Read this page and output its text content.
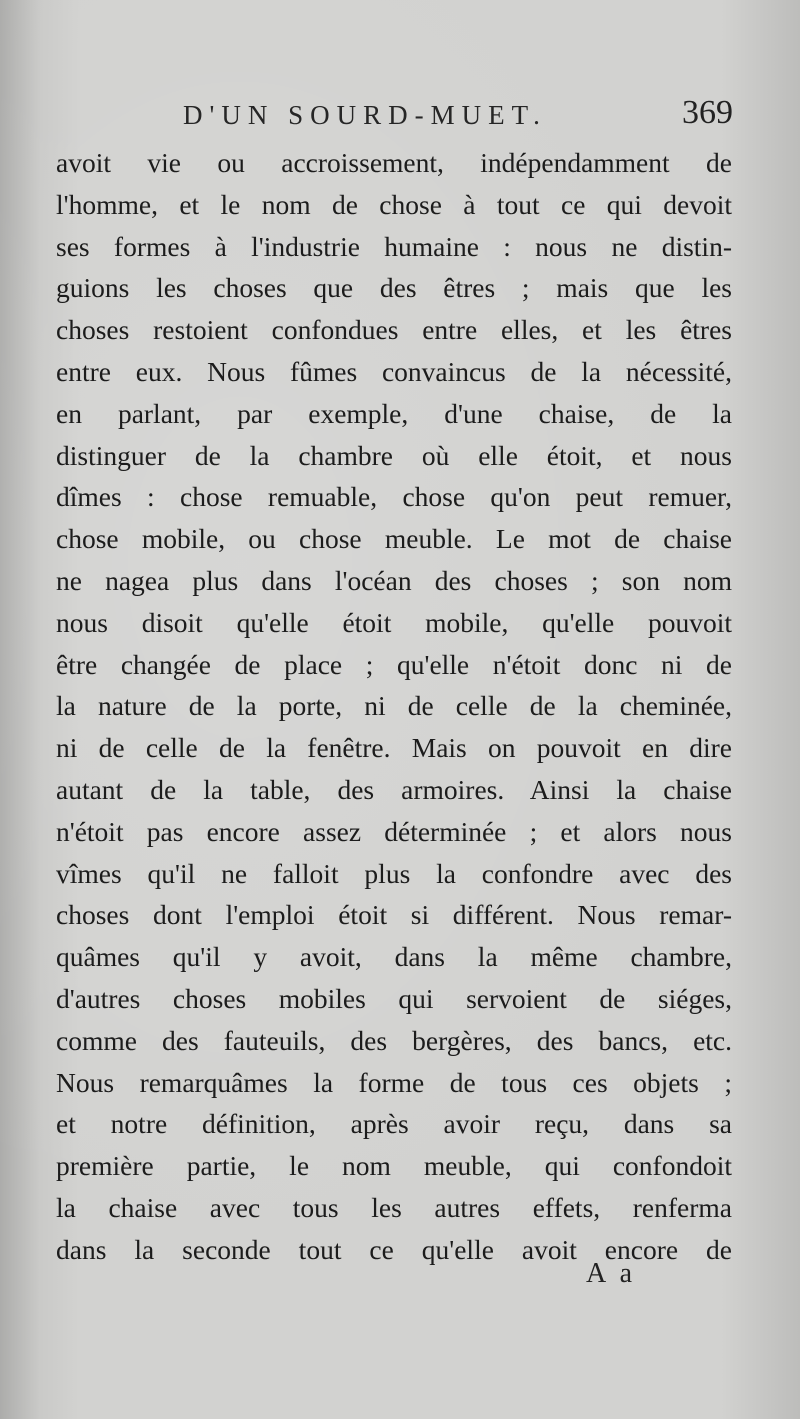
D'UN SOURD-MUET.	369
avoit vie ou accroissement, indépendamment de
l'homme, et le nom de chose à tout ce qui devoit
ses formes à l'industrie humaine : nous ne distin-
guions les choses que des êtres ; mais que les
choses restoient confondues entre elles, et les êtres
entre eux. Nous fûmes convaincus de la nécessité,
en parlant, par exemple, d'une chaise, de la
distinguer de la chambre où elle étoit, et nous
dîmes : chose remuable, chose qu'on peut remuer,
chose mobile, ou chose meuble. Le mot de chaise
ne nagea plus dans l'océan des choses ; son nom
nous disoit qu'elle étoit mobile, qu'elle pouvoit
être changée de place ; qu'elle n'étoit donc ni de
la nature de la porte, ni de celle de la cheminée,
ni de celle de la fenêtre. Mais on pouvoit en dire
autant de la table, des armoires. Ainsi la chaise
n'étoit pas encore assez déterminée ; et alors nous
vîmes qu'il ne falloit plus la confondre avec des
choses dont l'emploi étoit si différent. Nous remar-
quâmes qu'il y avoit, dans la même chambre,
d'autres choses mobiles qui servoient de siéges,
comme des fauteuils, des bergères, des bancs, etc.
Nous remarquâmes la forme de tous ces objets ;
et notre définition, après avoir reçu, dans sa
première partie, le nom meuble, qui confondoit
la chaise avec tous les autres effets, renferma
dans la seconde tout ce qu'elle avoit encore de
A a
